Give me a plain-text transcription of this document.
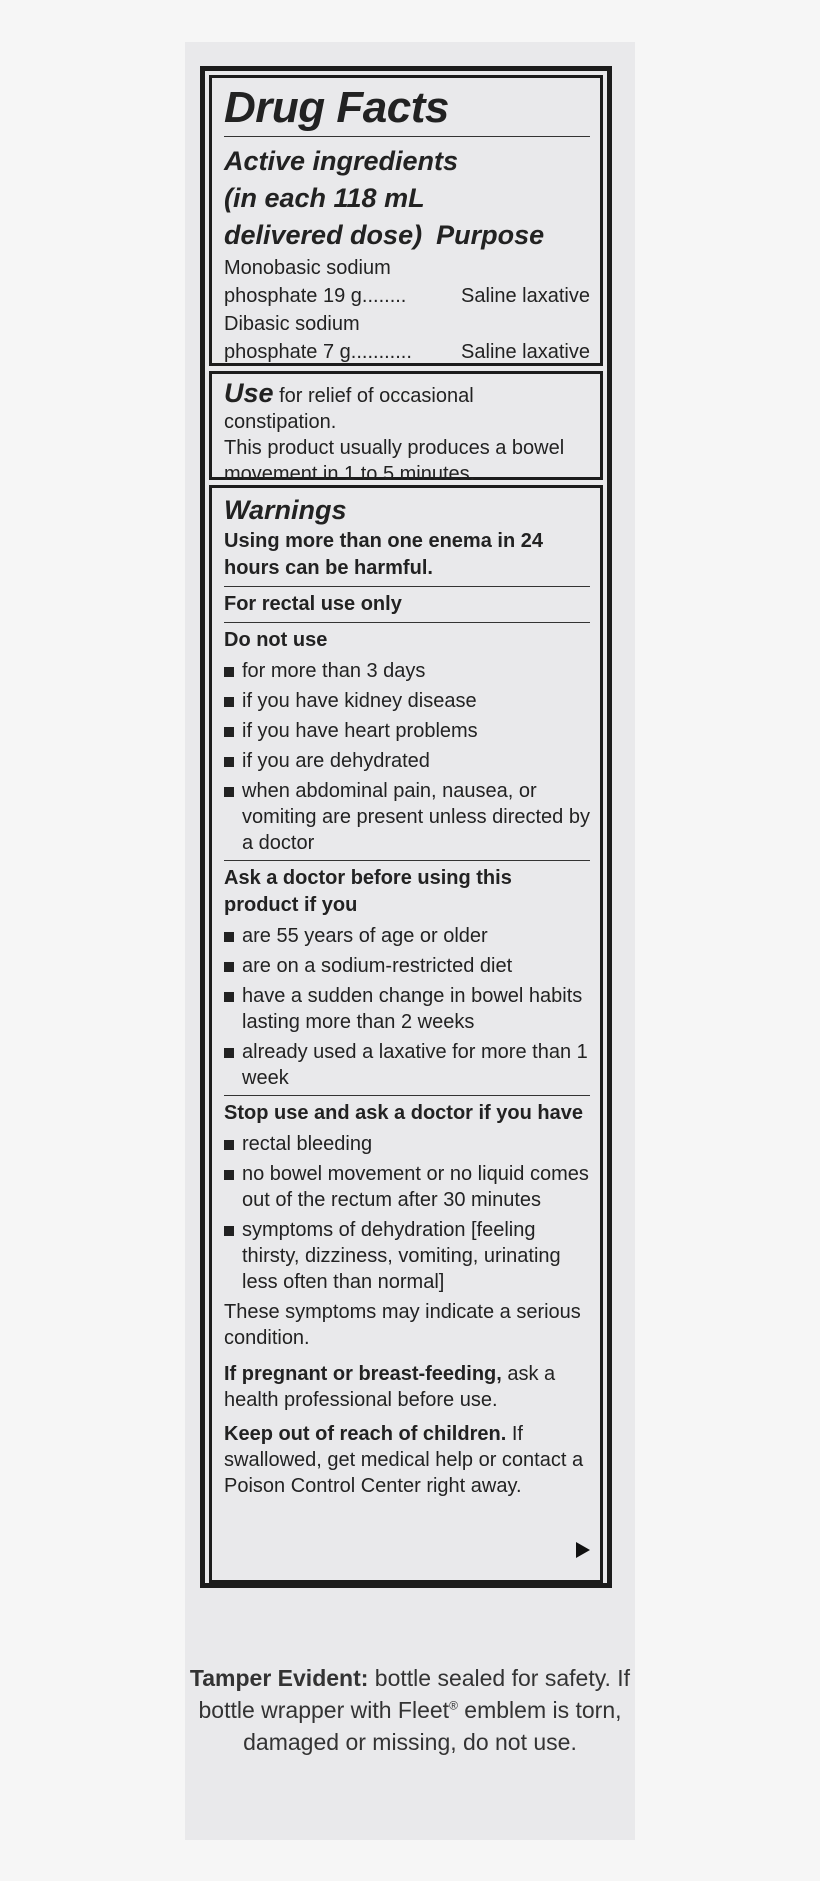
Drug Facts
Active ingredients
(in each 118 mL
delivered dose) Purpose
Monobasic sodium
phosphate 19 g ........	Saline laxative
Dibasic sodium
phosphate 7 g ...........	Saline laxative
Use for relief of occasional constipation.
This product usually produces a bowel movement in 1 to 5 minutes.
Warnings
Using more than one enema in 24 hours can be harmful.
For rectal use only
Do not use
for more than 3 days
if you have kidney disease
if you have heart problems
if you are dehydrated
when abdominal pain, nausea, or vomiting are present unless directed by a doctor
Ask a doctor before using this product if you
are 55 years of age or older
are on a sodium-restricted diet
have a sudden change in bowel habits lasting more than 2 weeks
already used a laxative for more than 1 week
Stop use and ask a doctor if you have
rectal bleeding
no bowel movement or no liquid comes out of the rectum after 30 minutes
symptoms of dehydration [feeling thirsty, dizziness, vomiting, urinating less often than normal]
These symptoms may indicate a serious condition.
If pregnant or breast-feeding, ask a health professional before use.
Keep out of reach of children. If swallowed, get medical help or contact a Poison Control Center right away.
Tamper Evident: bottle sealed for safety. If bottle wrapper with Fleet® emblem is torn, damaged or missing, do not use.
